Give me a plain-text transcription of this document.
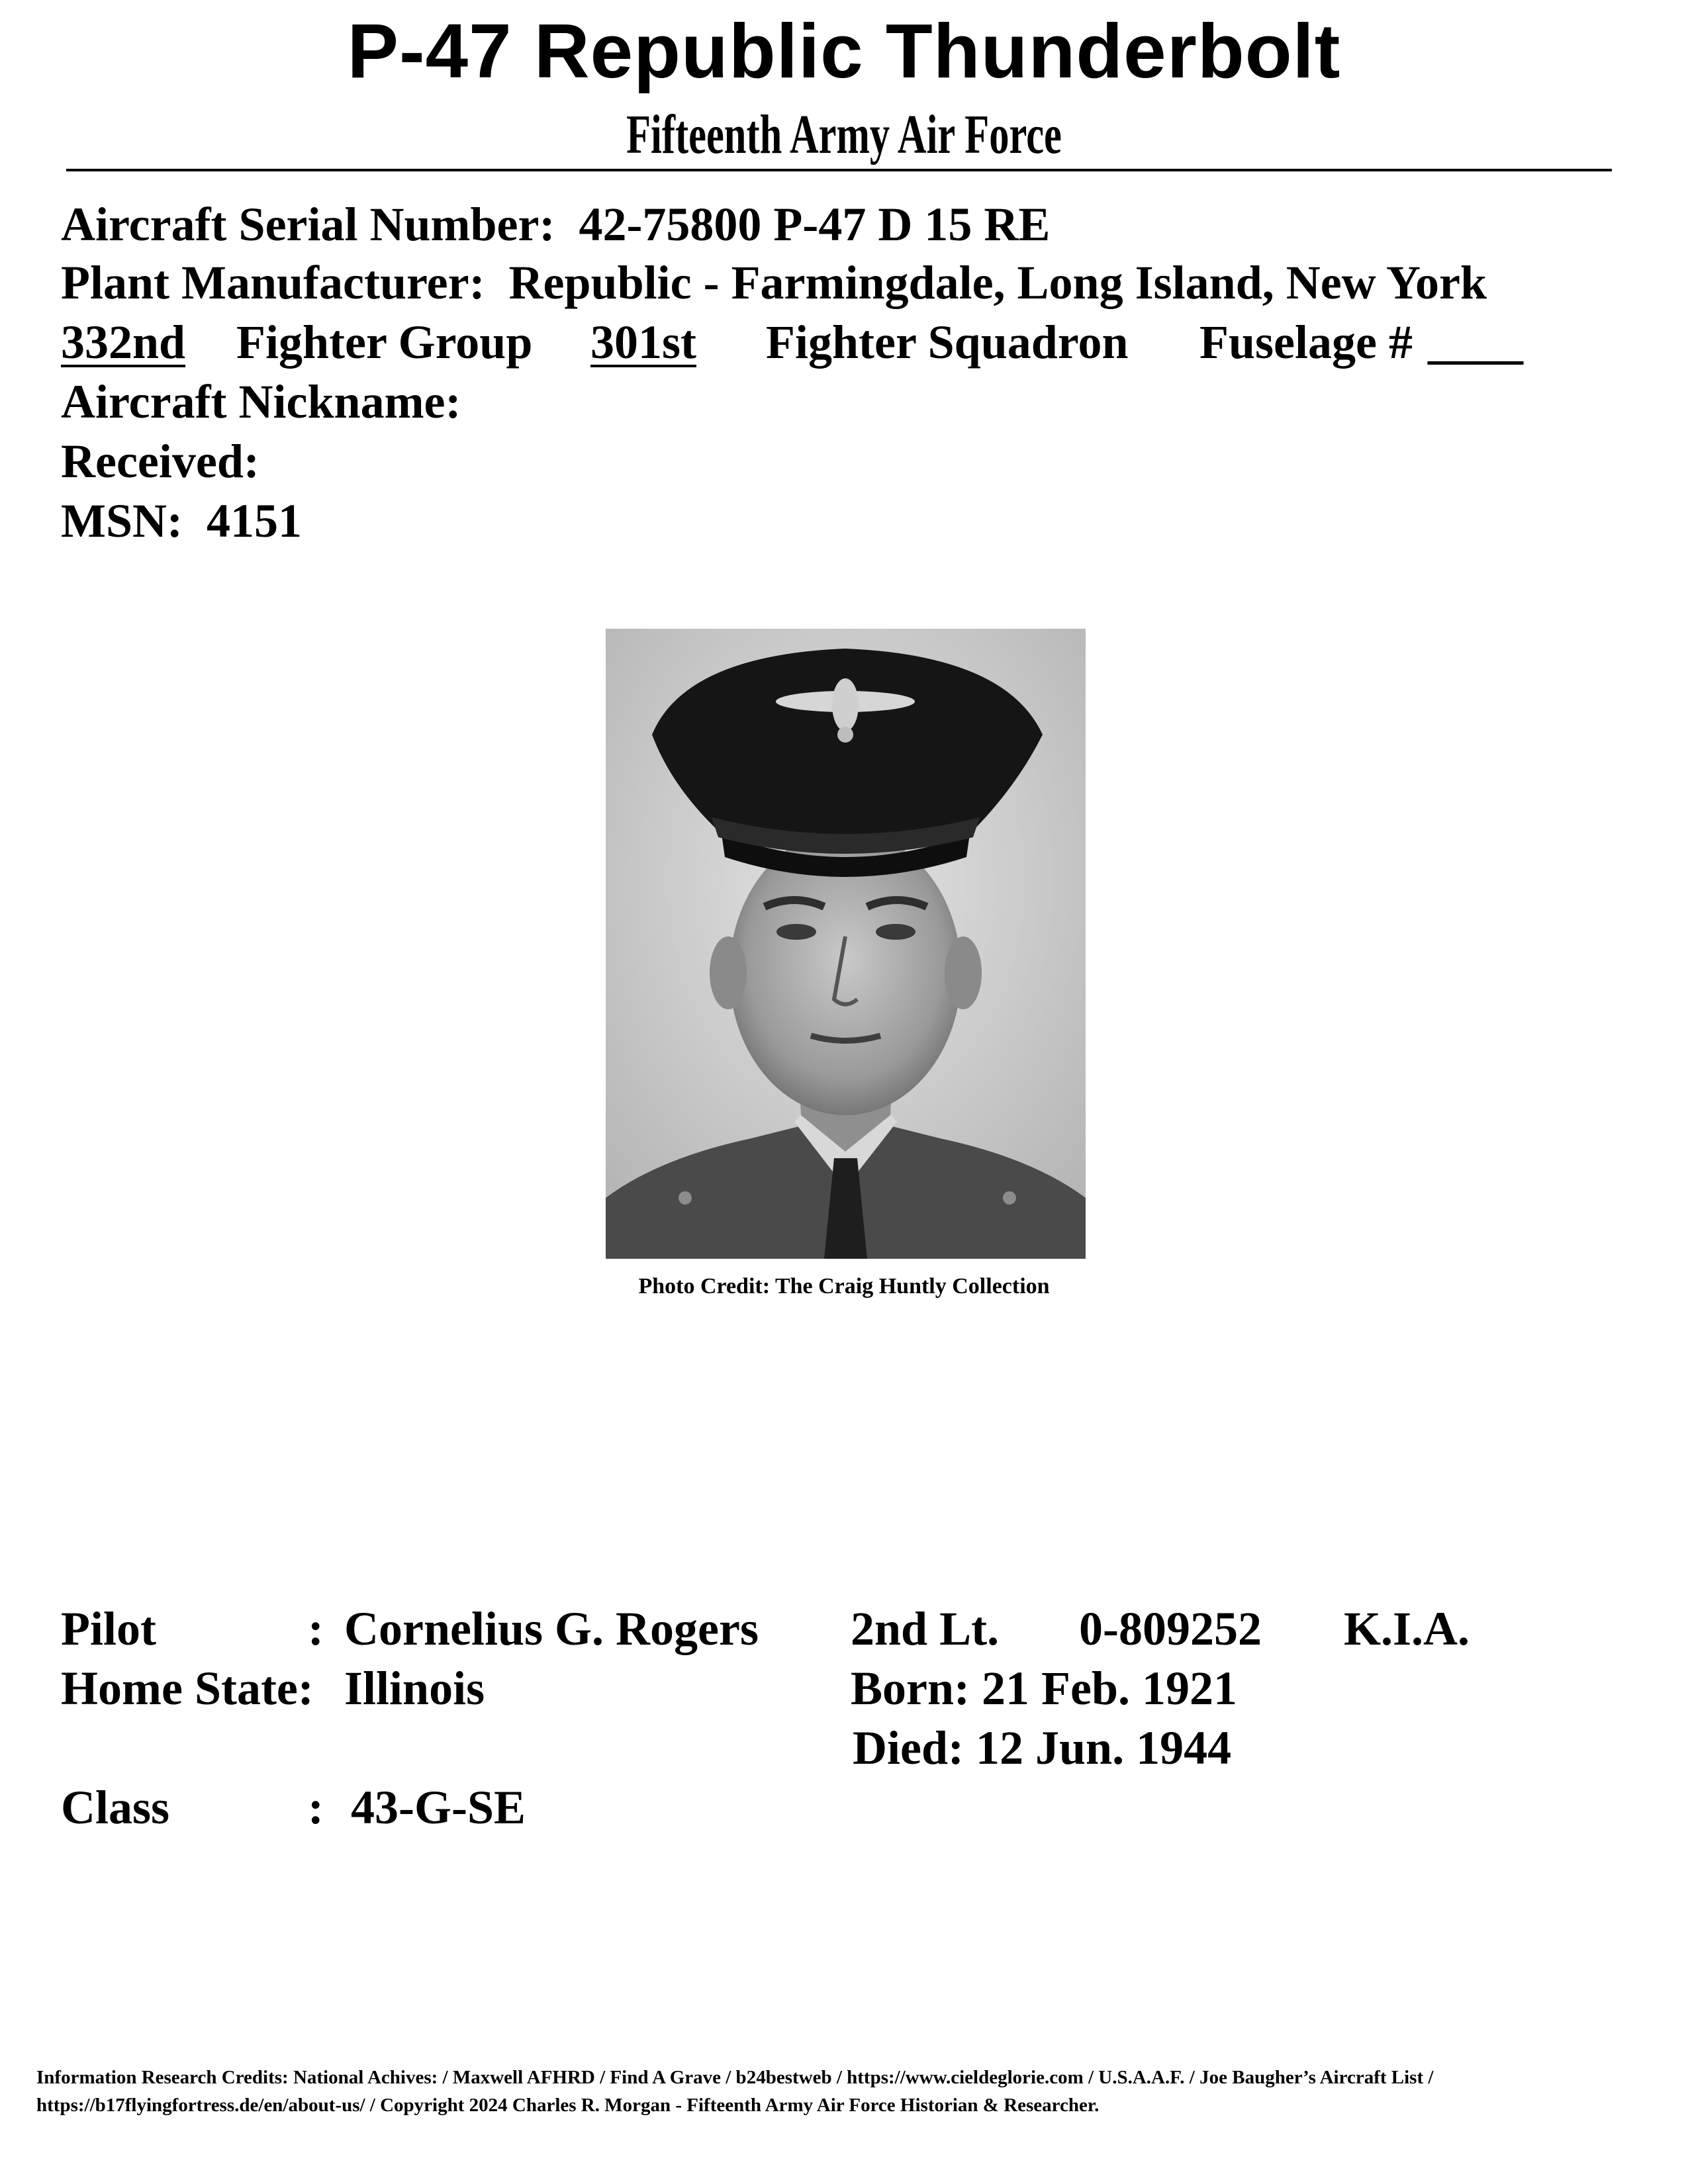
P-47 Republic Thunderbolt
Fifteenth Army Air Force
Aircraft Serial Number: 42-75800 P-47 D 15 RE
Plant Manufacturer: Republic - Farmingdale, Long Island, New York
332nd Fighter Group 301st Fighter Squadron Fuselage # ____
Aircraft Nickname:
Received:
MSN: 4151
Photo Credit: The Craig Huntly Collection
Pilot	: Cornelius G. Rogers 2nd Lt. 0-809252 K.I.A.
Home State: Illinois	Born: 21 Feb. 1921
Died: 12 Jun. 1944
Class	: 43-G-SE
Information Research Credits: National Achives: / Maxwell AFHRD / Find A Grave / b24bestweb / https://www.cieldeglorie.com / U.S.A.A.F. / Joe Baugher’s Aircraft List /
https://b17flyingfortress.de/en/about-us/ / Copyright 2024 Charles R. Morgan - Fifteenth Army Air Force Historian & Researcher.
